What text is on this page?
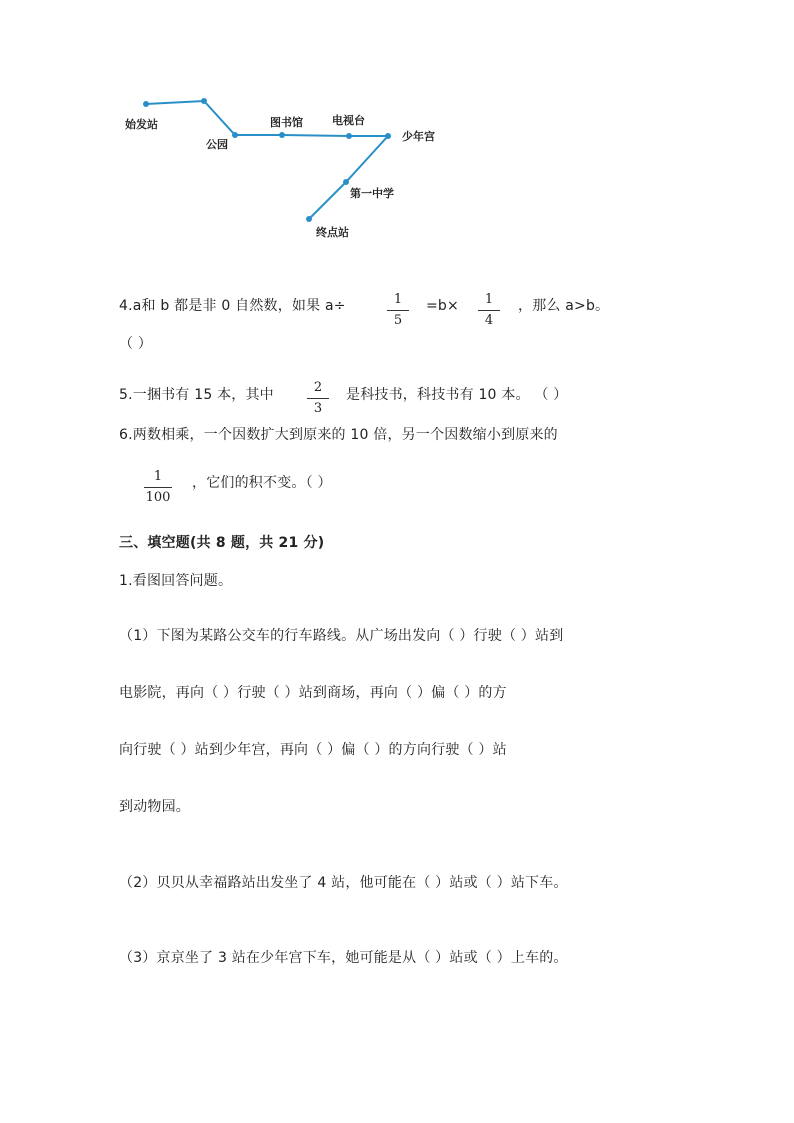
始发站
公园
图书馆	电视台
少年宫
第一中学
终点站
4.a和 b 都是非 0 自然数，如果 a÷	1
5
=b×	1
4
，那么 a>b。
（ ）
5.一捆书有 15 本，其中	2
3
是科技书，科技书有 10 本。 （ ）
6.两数相乘，一个因数扩大到原来的 10 倍，另一个因数缩小到原来的
1
100
，它们的积不变。（ ）
三、填空题(共 8 题，共 21 分)
1.看图回答问题。
（1）下图为某路公交车的行车路线。从广场出发向（ ）行驶（ ）站到
电影院，再向（ ）行驶（ ）站到商场，再向（ ）偏（ ）的方
向行驶（ ）站到少年宫，再向（ ）偏（ ）的方向行驶（ ）站
到动物园。
（2）贝贝从幸福路站出发坐了 4 站，他可能在（ ）站或（ ）站下车。
（3）京京坐了 3 站在少年宫下车，她可能是从（ ）站或（ ）上车的。
